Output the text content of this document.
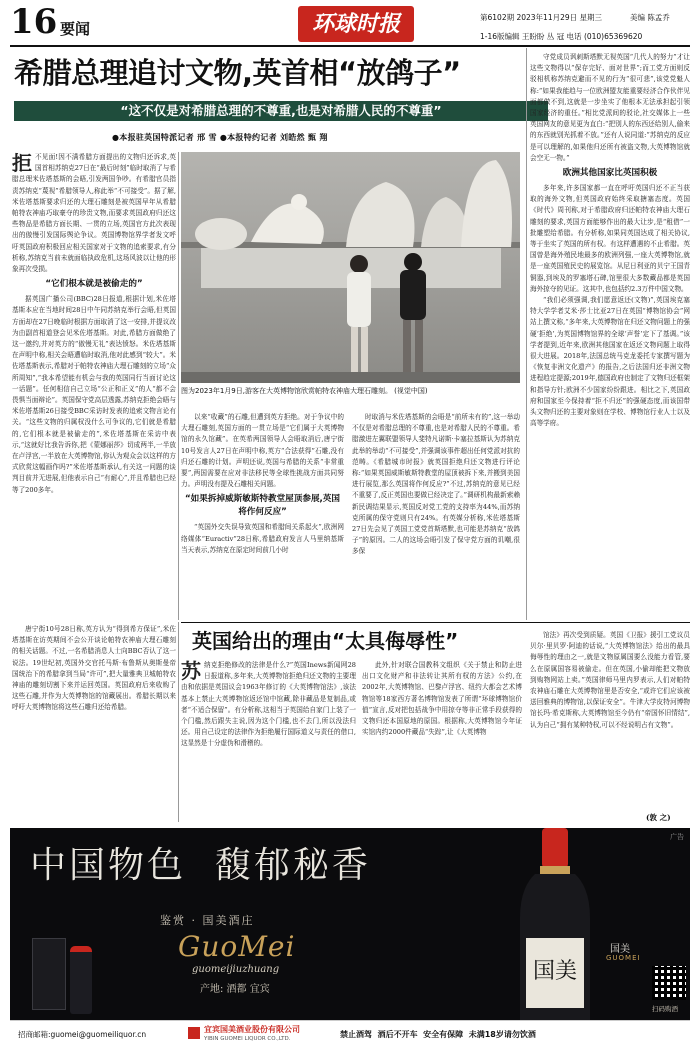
16 要闻	环球时报	第6102期 2023年11月29日 星期三	美编 陈孟乔
1-16版编辑 王盼盼 丛 冠 电话 (010)65369620
希腊总理追讨文物,英首相“放鸽子”
“这不仅是对希腊总理的不尊重,也是对希腊人民的不尊重”
●本报驻英国特派记者 邢 雪 ●本报特约记者 刘皓然 甄 翔
图为2023年1月9日,游客在大英博物馆欣赏帕特农神庙大理石雕刻。 (视觉中国)

拒不见面!因不满希腊方面提出的文物归还诉求,英国首相苏纳克27日在“最后时刻”临时取消了与希腊总理米佐塔基斯的会晤,引发两国争吵。有希腊官员指责苏纳克“蔑视”希腊领导人,称此举“不可接受”。据了解,米佐塔基斯要求归还的大理石雕刻是被英国早年从希腊帕特农神庙巧取豪夺的珍贵文物,而要求英国政府归还这些物品是希腊方面长期、一贯的立场,英国官方此次表现出的傲慢引发国际舆论争议。英国博物馆界学者发文呼吁英国政府积极回应相关国家对于文物的追索要求,有分析称,苏纳克当前未就面临执政危机,这场风波以让他的形象再次受损。

“它们根本就是被偷走的”

据英国广播公司(BBC)28日报道,根据计划,米佐塔基斯本应在当地时间28日中午同苏纳克举行会晤,但英国方面却在27日晚临时根据方面取消了这一安排,并提议改为由副首相道登会见米佐塔基斯。对此,希腊方面做绝了这一邀约,并对英方的“傲慢无礼”表达愤怒。米佐塔基斯在声明中称,相关会晤遭临时取消,他对此感到“较大”。米佐塔基斯表示,希腊对于帕特农神庙大理石雕刻的立场“众所周知”,“我本希望能有机会与我的英国同行当面讨论这一话题”。任何相信自己立场“公正和正义”的人“都不会畏惧当面辩论”。英国保守党高层透露,苏纳克拒绝会晤与米佐塔基斯26日接受BBC采访时发表的追索文物言论有关。“这些文物的归属权没什么可争议的,它们就是希腊的,它们根本就是被偷走的”,米佐塔基斯在采访中表示,“这就好比我告诉你,把《蒙娜丽莎》切成两半,一半放在卢浮宫,一半放在大英博物馆,你认为观众会以这样的方式欣赏这幅画作吗?”米佐塔基斯承认,有关这一问题的谈判目前并无进展,但他表示自己“有耐心”,并且希腊也已经等了200多年。

以来“收藏”的石雕,但遭到英方拒绝。对于争议中的大理石雕刻,英国方面的一贯立场是“它们属于大英博物馆的永久馆藏”。在英希两国领导人会晤取消后,唐宁街10号发言人27日在声明中称,英方“合法获得”石雕,没有归还石雕的计划。声明还说,英国与希腊的关系“非常重要”,两国需要在应对非法移民等全球性挑战方面共同努力。声明没有提及石雕相关问题。

“如果拆掉威斯敏斯特教堂屋顶参展,英国将作何反应”

“英国外交失误导致英国和希腊间关系起火”,欧洲网络媒体“Euractiv”28日称,希腊政府发言人马里纳基斯当天表示,苏纳克在原定时间前几小时

时取消与米佐塔基斯的会晤是“前所未有的”,这一举动不仅是对希腊总理的不尊重,也是对希腊人民的不尊重。希腊激进左翼联盟领导人斐特凡诺斯·卡塞拉基斯认为苏纳克此举的举动“不可接受”,并强调该事件超出任何党派对抗的范畴。《希腊城市时报》就英国拒绝归还文物进行评论称:“如果英国威斯敏斯特教堂的屋顶被拆下来,并搬到美国进行展览,那么英国将作何反应?”不过,苏纳克的意见已经不重要了,反正英国也要做已经决定了。”调研机构最新索赖新民调结果显示,英国反对党工党的支持率为44%,而苏纳克所属的保守党则只有24%。有英媒分析称,米佐塔基斯27日先会见了英国工党党首斯塔默,也可能是苏纳克“放鸽子”的原因。二人的这场会晤引发了保守党方面的讥嘲,很多保

守党成员讽刺斯塔默无视英国“几代人的努力”才让这些文物得以“保存完好、面对世界”;而工党方面则反驳相机称苏纳克避而不见的行为“很可悲”,该党党魁人称:“如果我能趋与一位欧洲盟友能重要经济合作伙伴见面都做不到,这就是一步坐实了他根本无法承担起引领国家经济的重任。”相比党派间的驳论,社交媒体上一些英国网友的意见更为直白:“把别人的东西还给别人,偷来的东西就别光抓着不放。”还有人说同道:“苏纳克的反应是可以理解的,如果他归还所有被盗文物,大英博物馆就会空无一物。”

欧洲其他国家比英国积极

多年来,许多国家都一直在呼吁英国归还不正当获取的海外文物,但英国政府始终采取搪塞态度。英国《时代》周刊称,对于希腊政府归还帕特农神庙大理石雕刻的要求,英国方面能够作出的最大让步,是“租借”一批雕塑给希腊。有分析称,如果同英国达成了相关协议,等于坐实了英国的所有权。有这样遭遇的不止希腊。英国曾是海外殖民地最多的欧洲列强,一座大英博物馆,就是一座英国殖民史的展览馆。从尼日利亚的贝宁王国青铜器,到埃及的罗塞塔石碑,馆里很大多数藏品都是英国海外掠夺的见证。这其中,也包括约2.3万件中国文物。

“我们必须强调,我们愿意返还(文物)”,英国埃克塞特大学学者艾米·莎士比亚27日在英国“博物馆协会”网站上撰文称,“多年来,大英博物馆在归还文物问题上的强硬‘拒绝’,为英国博物馆界的全球‘声誉’定下了基调。”该学者提到,近年来,欧洲其他国家在返还文物问题上取得很大进展。2018年,法国总统马克龙委托专家撰写题为《恢复非洲文化遗产》的报告,之后法国归还非洲文物进程趋定提源;2019年,德国政府也制定了文物归还框架和指导方针;欧洲不少国家纷纷跟进。相比之下,英国政府和国家至今保持着“拒不归还”的强硬态度,而该国带头文物归还的主要对象则在学校、博物馆行业人士以及高等学府。

唐宁街10号28日称,英方认为“得到希方保证”,米佐塔基斯在访英期间不会公开谈论帕特农神庙大理石雕刻的相关话题。不过,一名希腊消息人士向BBC否认了这一说法。19世纪初,英国外交官托马斯·布鲁斯从奥斯曼帝国统治下的希腊拿到当局“许可”,把大量雅典卫城帕特农神庙的雕刻切割下来并运回英国。英国政府后来收购了这些石雕,并作为大英博物馆的馆藏展出。希腊长期以来呼吁大英博物馆将这些石雕归还给希腊。

英国给出的理由“太具侮辱性”

苏纳克拒绝修改的法律是什么?”英国Inews新闻网28日报道称,多年来,大英博物馆拒绝归还文物的主要理由和依据是英国议会1963年修订的《大英博物馆法》,该法基本上禁止大英博物馆返还馆中馆藏,除非藏品是复制品,或者“不适合保留”。有分析称,这相当于英国给自家门上装了一个门槛,然后跟失主说,因为这个门槛,也不去门,所以没法归还。用自己设定的法律作为拒绝履行国际道义与责任的借口,这显然是十分虚伪和滑稽的。

此外,针对联合国教科文组织《关于禁止和防止进出口文化财产和非法转让其所有权的方法》公约,在2002年,大英博物馆、巴黎卢浮宫、纽约大都会艺术博物馆等18家西方著名博物馆发表了所谓“环球博物馆价值”宣言,反对把包括战争中用掠夺等非正常手段获得的文物归还本国原地的原国。根据称,大英博物馆今年证实馆内约2000件藏品“失踪”,让《大英博物

馆法》再次受到质疑。英国《卫报》援引工党议员贝尔·里贝罗·阿迪的话说,“大英博物馆法》给出的最具侮辱性的理由之一,就是文物原属国要么没能力看管,要么在原属国容易被偷走。但在英国,小偷却能把文物放到购物网站上卖。”英国律师马里内罗表示,人们对帕特农神庙石雕在大英博物馆里是否安全,“或许它们应该被送回雅典的博物馆,以保证安全”。牛津大学皮特河博物馆长玛·希克斯称,大英博物馆至今仍有“帝国怀旧情结”,认为自己“拥有某种特权,可以不经说明占有文物”。

(敦 之)
广告
中国物色  馥郁秘香
鉴赏 · 国美酒庄
GuoMei
guomeijiuzhuang
产地: 酒都 宜宾
国美
国美
GUOMEI
扫码购酒
招商邮箱:guomei@guomeiliquor.cn
宜宾国美酒业股份有限公司
YIBIN GUOMEI LIQUOR CO.,LTD.	禁止酒驾  酒后不开车  安全有保障  未满18岁请勿饮酒
